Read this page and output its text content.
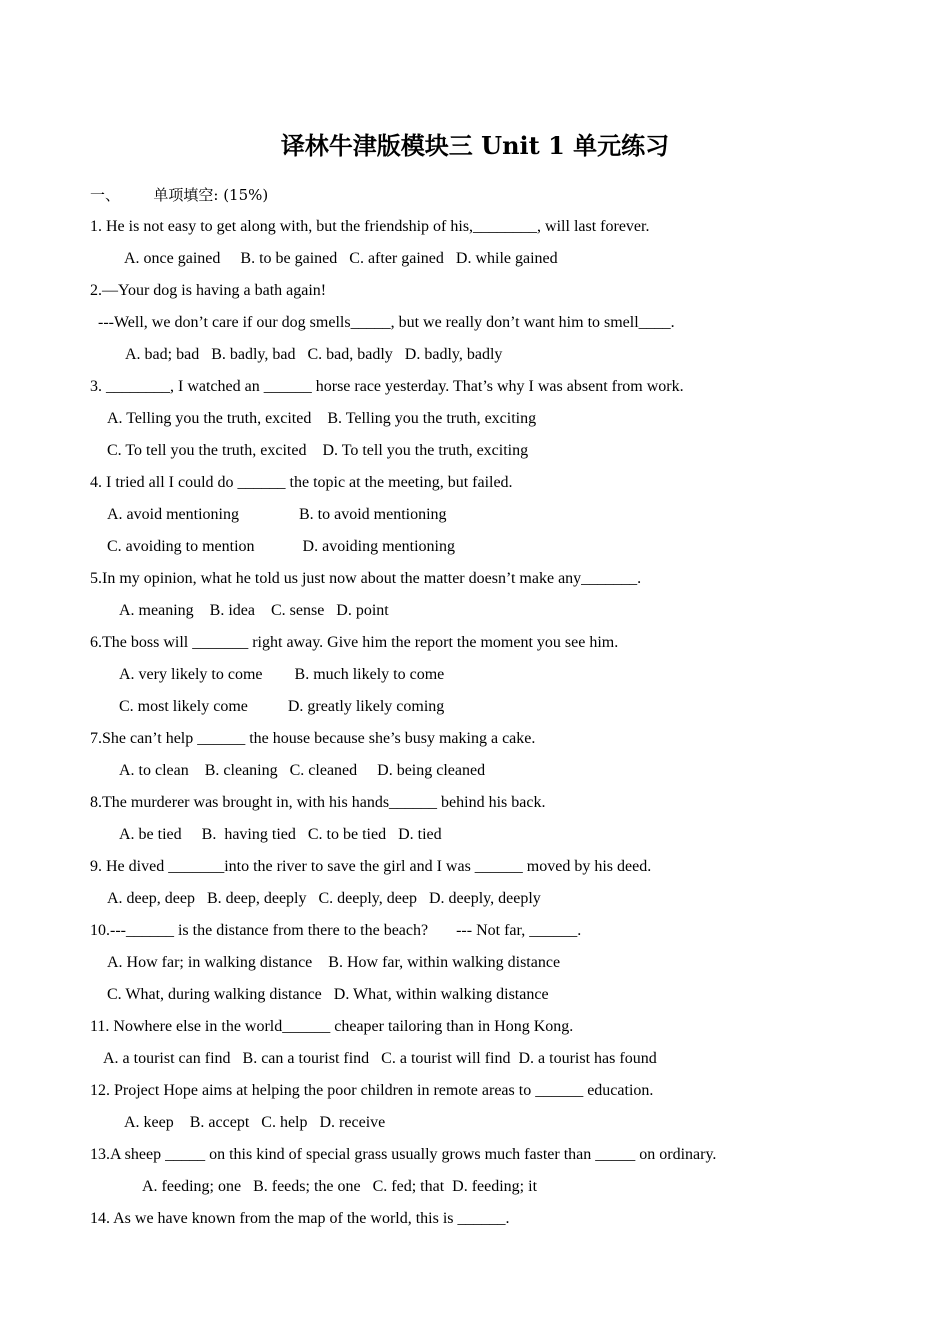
译林牛津版模块三 Unit 1 单元练习
一、       单项填空: (15%)
1. He is not easy to get along with, but the friendship of his,________, will last forever.
A. once gained     B. to be gained   C. after gained   D. while gained
2.—Your dog is having a bath again!
---Well, we don’t care if our dog smells_____, but we really don’t want him to smell____.
A. bad; bad   B. badly, bad   C. bad, badly   D. badly, badly
3. ________, I watched an ______ horse race yesterday. That’s why I was absent from work.
A. Telling you the truth, excited    B. Telling you the truth, exciting
C. To tell you the truth, excited    D. To tell you the truth, exciting
4. I tried all I could do ______ the topic at the meeting, but failed.
A. avoid mentioning               B. to avoid mentioning
C. avoiding to mention            D. avoiding mentioning
5.In my opinion, what he told us just now about the matter doesn’t make any_______.
A. meaning    B. idea    C. sense   D. point
6.The boss will _______ right away. Give him the report the moment you see him.
A. very likely to come        B. much likely to come
C. most likely come          D. greatly likely coming
7.She can’t help ______ the house because she’s busy making a cake.
A. to clean    B. cleaning   C. cleaned     D. being cleaned
8.The murderer was brought in, with his hands______ behind his back.
A. be tied     B.  having tied   C. to be tied   D. tied
9. He dived _______into the river to save the girl and I was ______ moved by his deed.
A. deep, deep   B. deep, deeply   C. deeply, deep   D. deeply, deeply
10.---______ is the distance from there to the beach?       --- Not far, ______.
A. How far; in walking distance    B. How far, within walking distance
C. What, during walking distance   D. What, within walking distance
11. Nowhere else in the world______ cheaper tailoring than in Hong Kong.
A. a tourist can find   B. can a tourist find   C. a tourist will find  D. a tourist has found
12. Project Hope aims at helping the poor children in remote areas to ______ education.
A. keep    B. accept   C. help   D. receive
13.A sheep _____ on this kind of special grass usually grows much faster than _____ on ordinary.
A. feeding; one   B. feeds; the one   C. fed; that  D. feeding; it
14. As we have known from the map of the world, this is ______.
